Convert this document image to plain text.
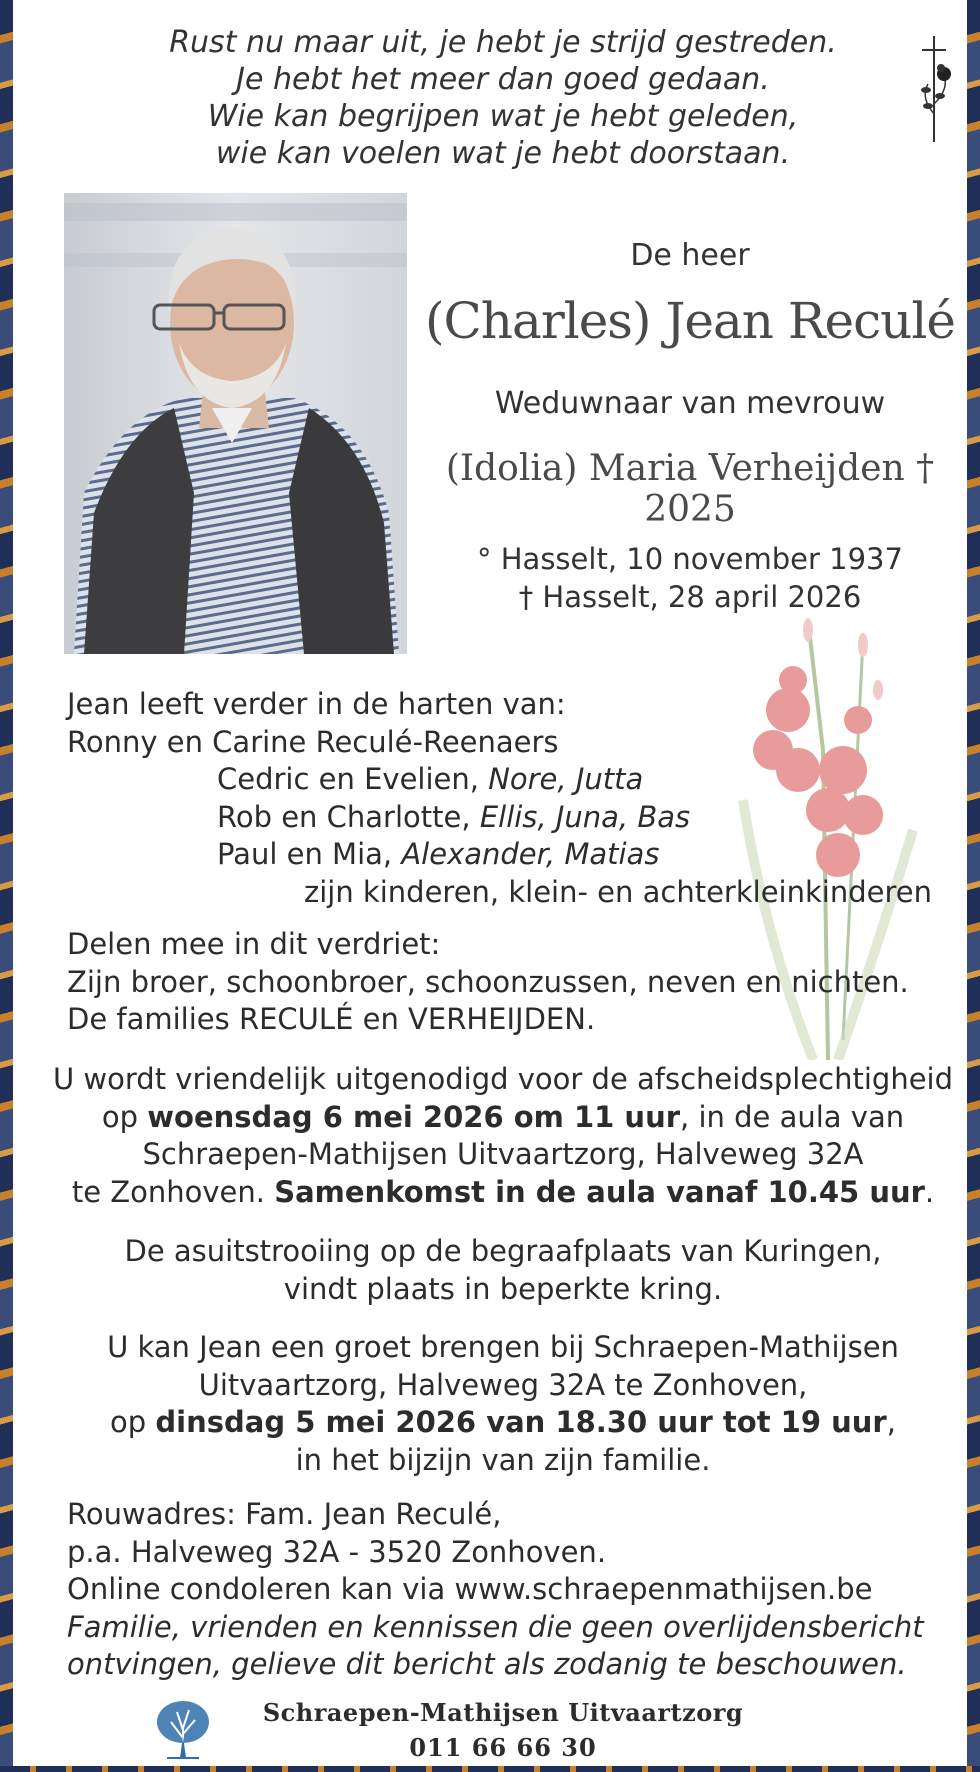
Rust nu maar uit, je hebt je strijd gestreden.
Je hebt het meer dan goed gedaan.
Wie kan begrijpen wat je hebt geleden,
wie kan voelen wat je hebt doorstaan.
De heer
(Charles) Jean Reculé
Weduwnaar van mevrouw
(Idolia) Maria Verheijden † 2025
° Hasselt, 10 november 1937
† Hasselt, 28 april 2026
Jean leeft verder in de harten van:
Ronny en Carine Reculé-Reenaers
Cedric en Evelien, Nore, Jutta
Rob en Charlotte, Ellis, Juna, Bas
Paul en Mia, Alexander, Matias
zijn kinderen, klein- en achterkleinkinderen
Delen mee in dit verdriet:
Zijn broer, schoonbroer, schoonzussen, neven en nichten.
De families RECULÉ en VERHEIJDEN.
U wordt vriendelijk uitgenodigd voor de afscheidsplechtigheid
op woensdag 6 mei 2026 om 11 uur, in de aula van
Schraepen-Mathijsen Uitvaartzorg, Halveweg 32A
te Zonhoven. Samenkomst in de aula vanaf 10.45 uur.
De asuitstrooiing op de begraafplaats van Kuringen,
vindt plaats in beperkte kring.
U kan Jean een groet brengen bij Schraepen-Mathijsen
Uitvaartzorg, Halveweg 32A te Zonhoven,
op dinsdag 5 mei 2026 van 18.30 uur tot 19 uur,
in het bijzijn van zijn familie.
Rouwadres: Fam. Jean Reculé,
p.a. Halveweg 32A - 3520 Zonhoven.
Online condoleren kan via www.schraepenmathijsen.be
Familie, vrienden en kennissen die geen overlijdensbericht
ontvingen, gelieve dit bericht als zodanig te beschouwen.
Schraepen-Mathijsen Uitvaartzorg
011 66 66 30
